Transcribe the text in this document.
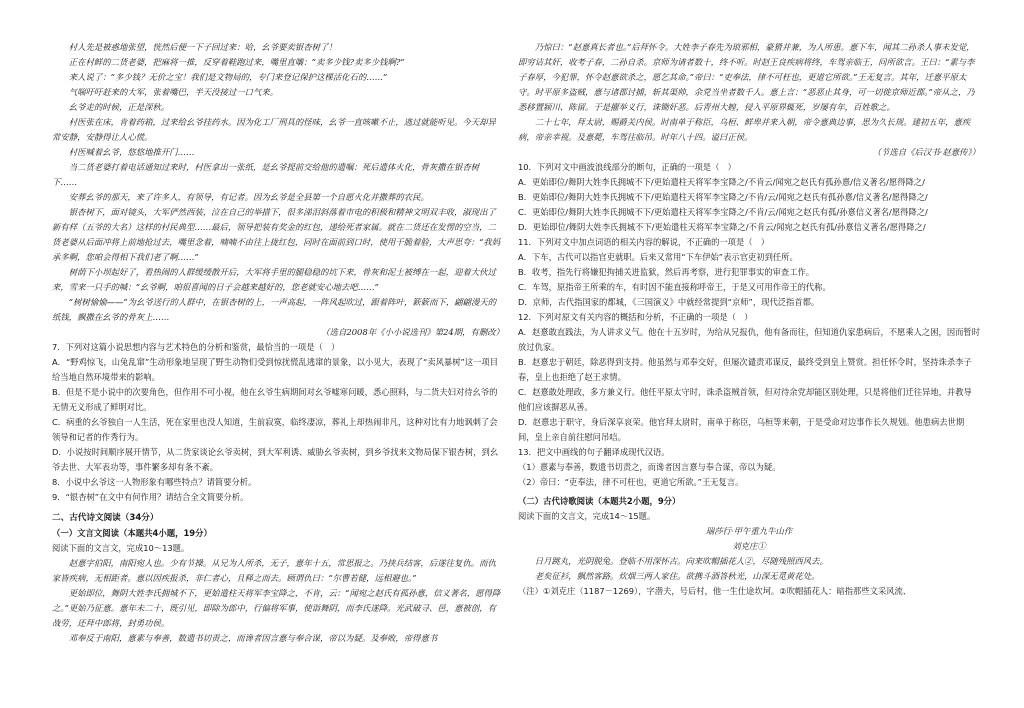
村人先是被惑地张望，恍然后便一下子回过来：哈，幺爷要卖银杏树了！

正在村鲜的二货老婆，把麻将一推，反穿着鞋跑过来，嘴里直嚷：“卖多少钱?卖多少钱啊?”

来人说了：“多少钱？无价之宝！我们是文物局的，专门来登记保护这棵活化石的……”

气喘吁吁赶来的大军，张着嘴巴，半天没接过一口气来。

幺爷走的时候，正是深秋。

村医张在床，肯着药箱，过来给幺爷挂药水。因为化工厂刑具的怪味，幺爷一直咳嗽不止，逃过就能听见。今天却异常安静，安静得让人心慌。

村医喊着幺爷，悠悠地推开门……

当二货老婆打着电话通知过来时，村医拿出一张纸，是幺爷提前交给他的遗嘱：死后遗体火化，骨灰撒在银杏树下……

安葬幺爷的那天，来了许多人，有领导，有记者。因为幺爷是全县第一个自愿火化并撒葬的农民。

银杏树下，面对镜头，大军俨然西装，泣在自己的举措下，很多涕泪斜落着市电的积极和精神文明双丰收，淑现出了新有样（五爷的大名）这样的村民典型……最后，领导把装有奖金的红包，递给死者家属。就在二货还在发愣的空当，二货老婆从后面冲将上前地抢过去，嘴里念着，喃喃不由往上拢红包，同时在面前到口时，使用干脆着脸，大声思夸：“我妈承多啊，您咱会得相下我们老了啊……”

树荫下小坝起好了，看热闹的人群缓缓散开后，大军将手里的腿稳稳的坑下来，骨灰和泥土被缚在一起，迎着大伙过来，雪来一只手的喊：“幺爷啊，咱很喜闻的日子会越来越好的，您老就安心地去吧……”

“树树愉愉——”为幺爷送行的人群中，在银杏树的上，一声高起，一阵风起吹过，跟着阵叶，簌簌而下，翩翩漫天的纸钱，飘撒在幺爷的骨灰上……

（选自2008年《小小说选刊》第24期，有删改）

7．下列对这篇小说思想内容与艺术特色的分析和鉴赏，最恰当的一项是（　）

A．“野鸡惊飞，山兔乱窜”生动形象地呈现了野生动物们受到惊扰慌乱逃窜的景象，以小见大，表现了“卖风暴树”这一项目给当地自然环境带来的影响。

B．但是不是小说中的次要角色，但作用不可小视，他在幺爷生病期间对幺爷嘘寒问暖，悉心照料，与二货夫妇对待幺爷的无情无义形成了鲜明对比。

C．病重的幺爷独自一人生活，死在家里也没人知道，生前寂寞，临终凄凉，葬礼上却热闹非凡，这种对比有力地讽刺了会领导和记者的作秀行为。

D．小说按时间顺序展开情节，从二货家谈论幺爷卖树，到大军利诱、威胁幺爷卖树，到乡爷找来文物局保下银杏树，到幺爷去世、大军表功等，事件繁多却有条不紊。

8．小说中幺爷这一人物形象有哪些特点？请简要分析。

9．“银杏树”在文中有何作用？请结合全文简要分析。

二、古代诗文阅读（34分）
（一）文言文阅读（本题共4小题，19分）

阅读下面的文言文，完成10～13题。

赵憙字伯阳，南阳宛人也。少有节操。从兄为人所杀，无子，憙年十五，常思报之。乃挟兵结客，后遂往复仇。而仇家皆疾病，无相距者。憙以因疾报杀，非仁者心，且释之而去。顾谓仇曰：“尔曹若健，远相避也。”

更始即位，舞阴大姓李氏拥城不下，更始遣柱天将军李宝降之，不肯，云：“闻宛之赵氏有孤孙憙，信义著名，愿得降之。”更始乃征憙。憙年未二十，既引见，即除为郎中，行偏将军事，使诣舞阴，而李氏遂降。光武破寻、邑，憙被创，有战劳，还拜中郎将，封勇功侯。

邓奉反于南阳，憙素与奉善，数遗书切责之，而谗者因言憙与奉合谋，帝以为疑。及奉败，帝得憙书

乃惊曰：“赵憙真长者也。”后拜怀令。大姓李子春先为琅邪相，豪猾并兼，为人所患。憙下车，闻其二孙杀人事未发觉，即穷诘其奸，收考子春，二孙自杀。京师为请者数十，终不听。时赵王良疾病将终，车驾亲临王，问所欲言。王曰：“素与李子春厚，今犯罪，怀令赵憙欲杀之，愿乞其命。”帝曰：“吏奉法，律不可枉也，更道它所欲。”王无复言。其年，迁憙平原太守。时平原多盗贼，憙与诸郡讨捕，斩其渠帅，余党当坐者数千人。憙上言：“恶恶止其身，可一切徙京师近郡。”帝从之，乃悉移置颍川、陈留。于是擢举义行，诛锄奸恶。后青州大蝗，侵入平原界辄死，岁屡有年，百姓歌之。

二十七年，拜太尉，赐爵关内侯。时南单于称臣，乌桓、鲜卑并来入朝，帝令憙典边事，思为久长规。建初五年，憙疾病，帝亲幸视。及憙薨，车驾往临吊。时年八十四。谥曰正侯。

（节选自《后汉书·赵憙传》）

10．下列对文中画波浪线部分的断句，正确的一项是（　）

A．更始即位/舞阴大姓李氏拥城不下/更始遣柱天将军李宝降之/不肯云/闻宛之赵氏有孤孙憙/信义著名/愿得降之/

B．更始即位/舞阴大姓李氏拥城不下/更始遣柱天将军李宝降之/不肯/云/闻宛之赵氏有孤孙憙/信义著名/愿得降之/

C．更始即位/舞阴大姓李氏拥城不下/更始遣柱天将军李宝降之/不肯/云/闻宛之赵氏有孤/孙憙信义著名/愿得降之/

D．更始即位/舞阴大姓李氏拥城不下/更始遣柱天将军李宝降之/不肯云/闻宛之赵氏有孤/孙憙信义著名/愿得降之/

11．下列对文中加点词语的相关内容的解说，不正确的一项是（　）

A．下车，古代可以指官吏就职。后来又常用“下车伊始”表示官吏初到任所。

B．收考，指先行将嫌犯拘捕关进监狱，然后再考察，进行犯罪事实的审查工作。

C．车驾，原指帝王所乘的车，有时因不能直接称呼帝王，于是又可用作帝王的代称。

D．京师，古代指国家的都城，《三国演义》中就经常提到“京师”，现代泛指首都。

12．下列对原文有关内容的概括和分析，不正确的一项是（　）

A．赵憙敢直践法，为人讲求义气。他在十五岁时，为给从兄报仇，他有备而往，但知道仇家患病后，不愿乘人之困，因而暂时放过仇家。

B．赵憙忠于朝廷，除恶得到支持。他虽然与邓奉交好，但屡次谴责邓谋反，最终受到皇上赞赏。担任怀令时，坚持诛杀李子春，皇上也拒绝了赵王求情。

C．赵憙敢处理政，多方兼义行。他任平原太守时，诛杀盗贼首领，但对待余党却能区别处理，只是将他们迁往异地，并教导他们应该摒恶从善。

D．赵憙忠于职守，身后深享哀荣。他官拜太尉时，南单于称臣，乌桓等来朝，于是受命对边事作长久规划。他患病去世期间，皇上亲自前往慰问吊唁。

13．把文中画线的句子翻译成现代汉语。

（1）憙素与奉善，数遗书切责之，而谗者因言憙与奉合谋，帝以为疑。

（2）帝曰：“吏奉法，律不可枉也，更道它所欲。”王无复言。

（二）古代诗歌阅读（本题共2小题，9分）

阅读下面的文言文，完成14～15题。

瑞莎行·甲午重九牛山作

刘克庄①

日月跳丸，光阴脱兔。登临不用深怀古。向来吹帽插花人②，尽随残照西风去。

老矣征衫，飘然客路。炊烟三两人家住。欲携斗酒答秋光，山深无觅黄花处。

（注）①刘克庄（1187－1269），字潜夫，号后村，他一生仕途坎坷。②吹帽插花人：暗指那些文采风流、
